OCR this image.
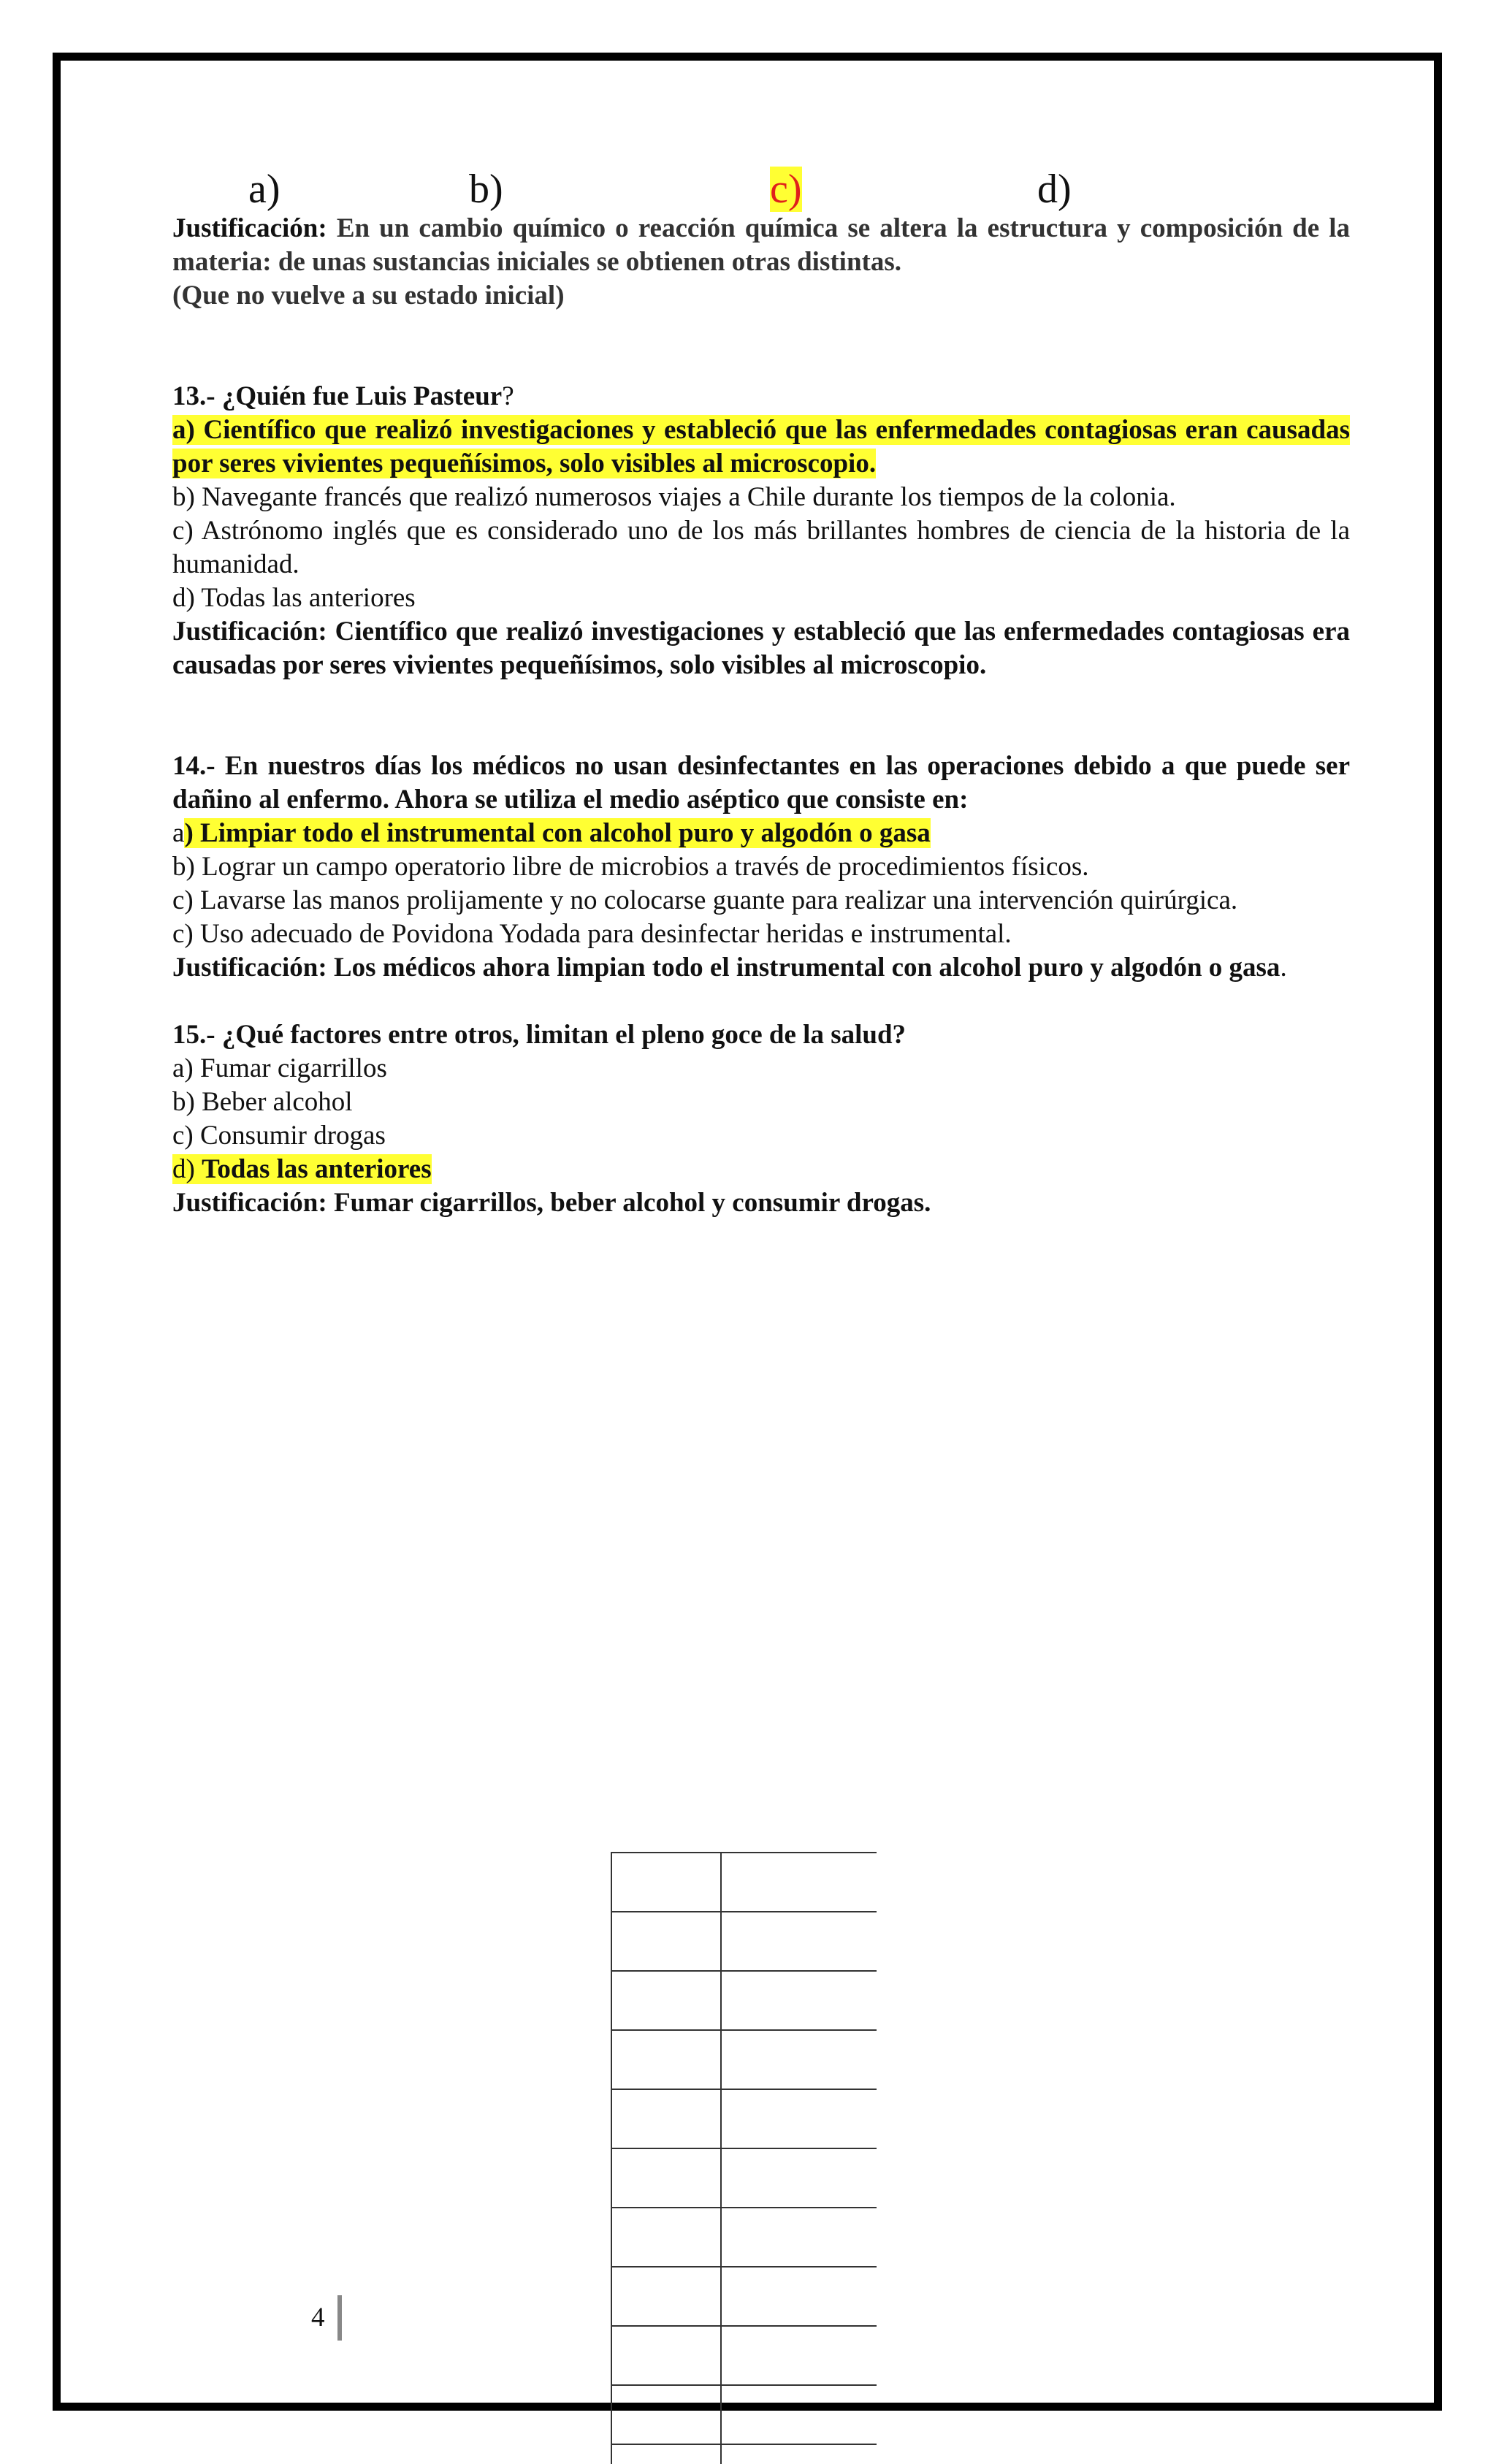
a)	b)	c)	d)
Justificación: En un cambio químico o reacción química se altera la estructura y composición de la materia: de unas sustancias iniciales se obtienen otras distintas.
(Que no vuelve a su estado inicial)
13.- ¿Quién fue Luis Pasteur?
a) Científico que realizó investigaciones y estableció que las enfermedades contagiosas eran causadas por seres vivientes pequeñísimos, solo visibles al microscopio.
b) Navegante francés que realizó numerosos viajes a Chile durante los tiempos de la colonia.
c) Astrónomo inglés que es considerado uno de los más brillantes hombres de ciencia de la historia de la humanidad.
d) Todas las anteriores
Justificación: Científico que realizó investigaciones y estableció que las enfermedades contagiosas era causadas por seres vivientes pequeñísimos, solo visibles al microscopio.
14.- En nuestros días los médicos no usan desinfectantes en las operaciones debido a que puede ser dañino al enfermo. Ahora se utiliza el medio aséptico que consiste en:
a) Limpiar todo el instrumental con alcohol puro y algodón o gasa
b) Lograr un campo operatorio libre de microbios a través de procedimientos físicos.
c) Lavarse las manos prolijamente y no colocarse guante para realizar una intervención quirúrgica.
c) Uso adecuado de Povidona Yodada para desinfectar heridas e instrumental.
Justificación: Los médicos ahora limpian todo el instrumental con alcohol puro y algodón o gasa.
15.- ¿Qué factores entre otros, limitan el pleno goce de la salud?
a) Fumar cigarrillos
b) Beber alcohol
c) Consumir drogas
d) Todas las anteriores
Justificación: Fumar cigarrillos, beber alcohol y consumir drogas.
4
